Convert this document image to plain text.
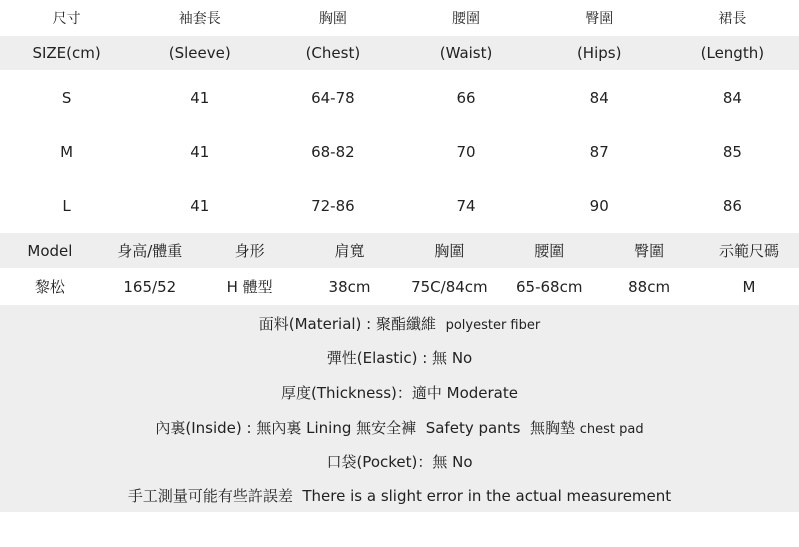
尺寸	袖套長	胸圍	腰圍	臀圍	裙長
SIZE(cm)	(Sleeve)	(Chest)	(Waist)	(Hips)	(Length)
S	41	64-78	66	84	84
M	41	68-82	70	87	85
L	41	72-86	74	90	86
Model	身高/體重	身形	肩寬	胸圍	腰圍	臀圍	示範尺碼
黎松	165/52	H 體型	38cm	75C/84cm	65-68cm	88cm	M
面料(Material) : 聚酯纖維 polyester fiber
彈性(Elastic) : 無 No
厚度(Thickness)：適中 Moderate
內裏(Inside) : 無內裏 Lining 無安全褲 Safety pants 無胸墊 chest pad
口袋(Pocket)：無 No
手工測量可能有些許誤差 There is a slight error in the actual measurement
